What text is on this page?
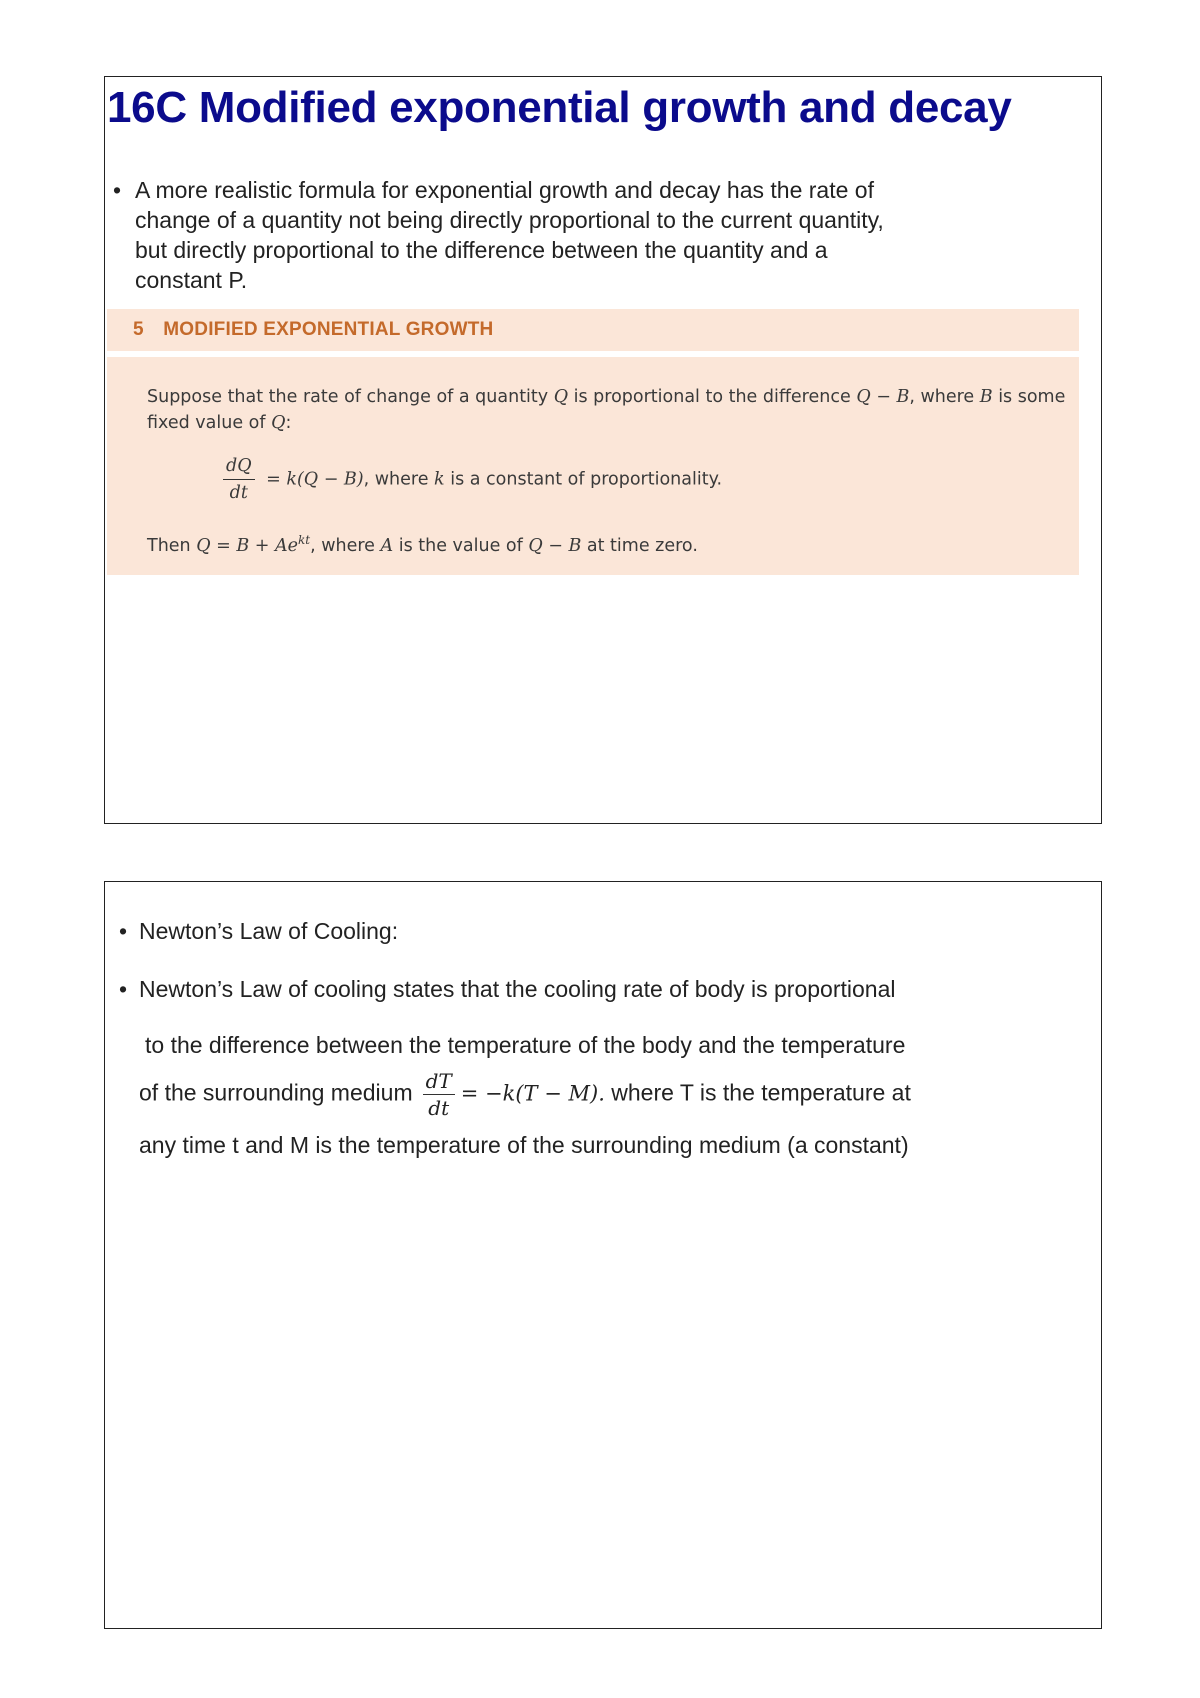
16C Modified exponential growth and decay
• A more realistic formula for exponential growth and decay has the rate of change of a quantity not being directly proportional to the current quantity, but directly proportional to the difference between the quantity and a constant P.
5 MODIFIED EXPONENTIAL GROWTH
Suppose that the rate of change of a quantity Q is proportional to the difference Q − B, where B is some
fixed value of Q:
$\frac{dQ}{dt} = k(Q - B)$, where k is a constant of proportionality.
Then $Q = B + Ae^{kt}$, where A is the value of Q − B at time zero.
• Newton’s Law of Cooling:
• Newton’s Law of cooling states that the cooling rate of body is proportional
to the difference between the temperature of the body and the temperature
of the surrounding medium $\frac{dT}{dt} = -k(T - M)$. where T is the temperature at
any time t and M is the temperature of the surrounding medium (a constant)
